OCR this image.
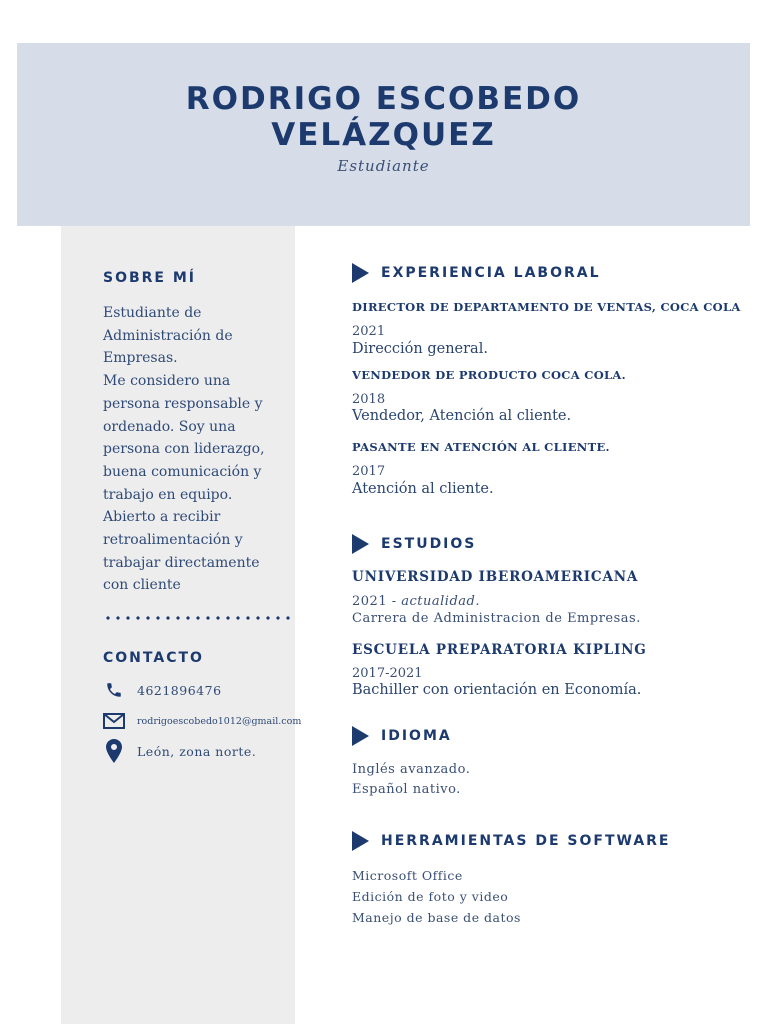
RODRIGO ESCOBEDO
VELÁZQUEZ
Estudiante
SOBRE MÍ
Estudiante de
Administración de
Empresas.
Me considero una
persona responsable y
ordenado. Soy una
persona con liderazgo,
buena comunicación y
trabajo en equipo.
Abierto a recibir
retroalimentación y
trabajar directamente
con cliente
CONTACTO
4621896476
rodrigoescobedo1012@gmail.com
León, zona norte.
EXPERIENCIA LABORAL
DIRECTOR DE DEPARTAMENTO DE VENTAS, COCA COLA
2021
Dirección general.
VENDEDOR DE PRODUCTO COCA COLA.
2018
Vendedor, Atención al cliente.
PASANTE EN ATENCIÓN AL CLIENTE.
2017
Atención al cliente.
ESTUDIOS
UNIVERSIDAD IBEROAMERICANA
2021 - actualidad.
Carrera de Administracion de Empresas.
ESCUELA PREPARATORIA KIPLING
2017-2021
Bachiller con orientación en Economía.
IDIOMA
Inglés avanzado.
Español nativo.
HERRAMIENTAS DE SOFTWARE
Microsoft Office
Edición de foto y video
Manejo de base de datos
